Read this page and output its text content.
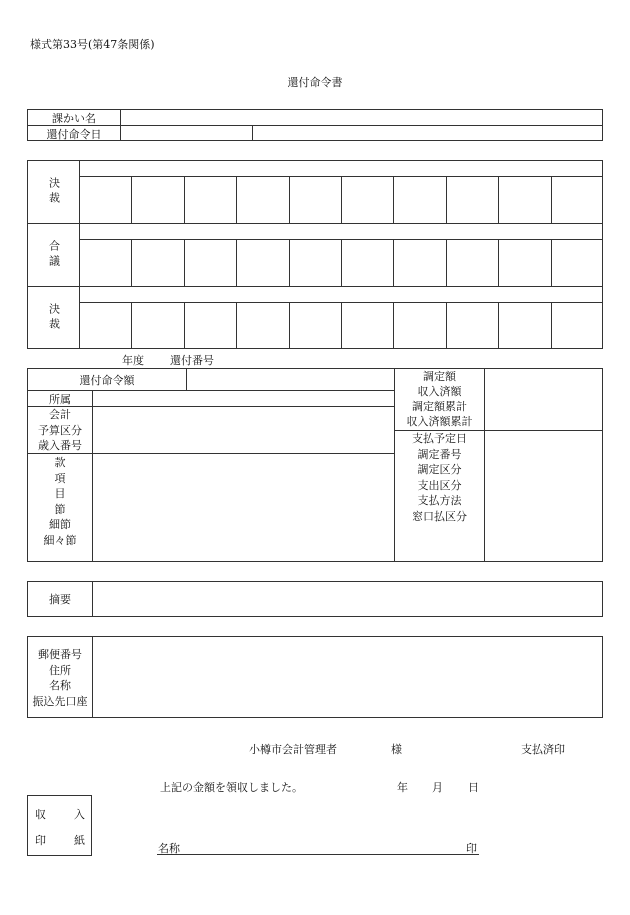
様式第33号(第47条関係)
還付命令書
課かい名
還付命令日
決裁
合議
決裁
年度 還付番号
還付命令額
所属
会計
予算区分
歳入番号
款
項
目
節
細節
細々節
調定額
収入済額
調定額累計
収入済額累計
支払予定日
調定番号
調定区分
支出区分
支払方法
窓口払区分
摘要
郵便番号
住所
名称
振込先口座
小樽市会計管理者	様	支払済印
上記の金額を領収しました。	年 月 日
収	入
印	紙
名称	印
